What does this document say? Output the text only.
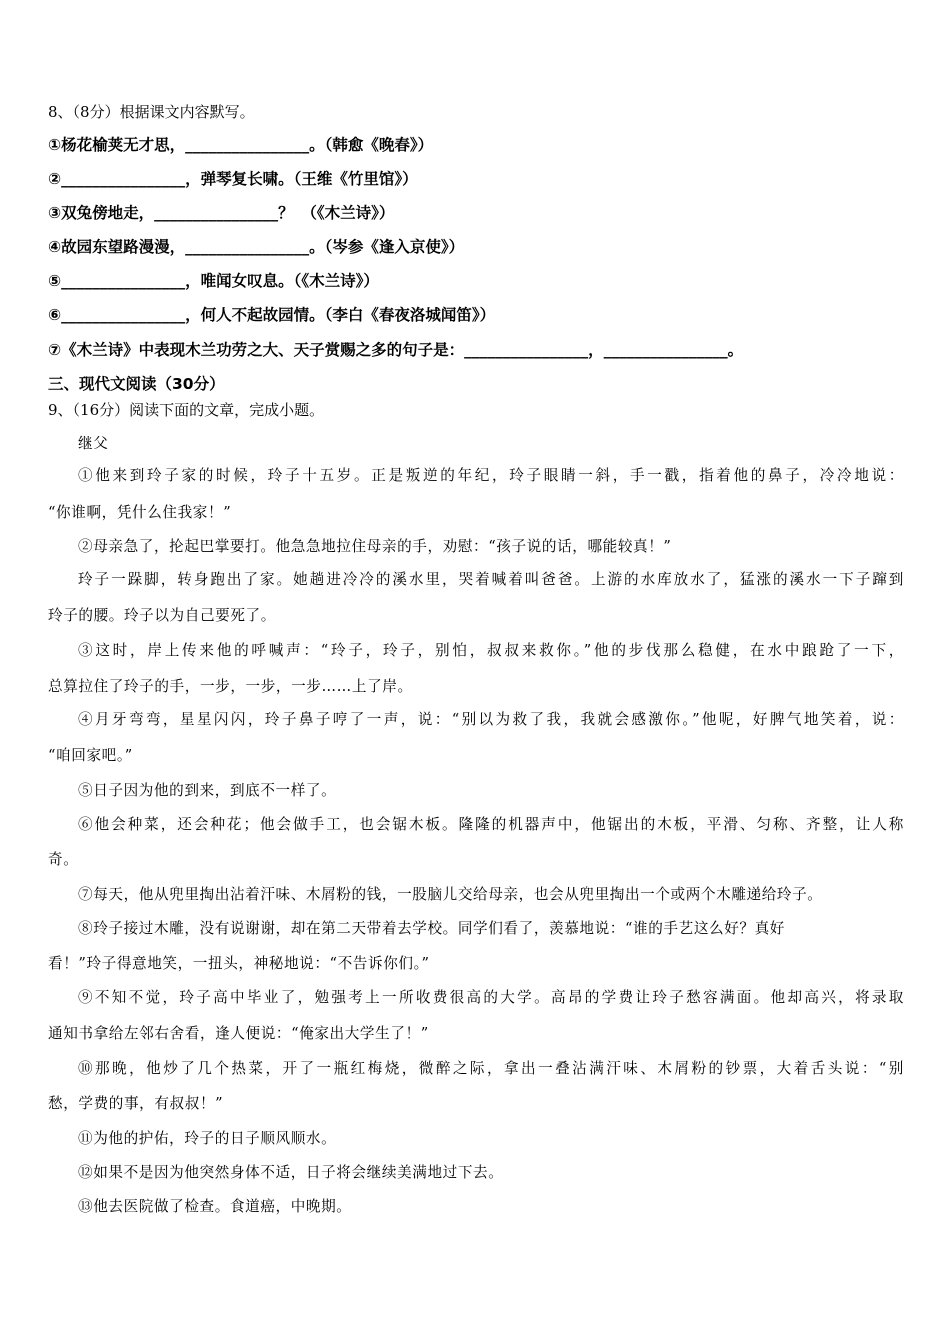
8、（8分）根据课文内容默写。
①杨花榆荚无才思，________________。（韩愈《晚春》）
②________________，弹琴复长啸。（王维《竹里馆》）
③双兔傍地走，________________？　（《木兰诗》）
④故园东望路漫漫，________________。（岑参《逢入京使》）
⑤________________，唯闻女叹息。（《木兰诗》）
⑥________________，何人不起故园情。（李白《春夜洛城闻笛》）
⑦《木兰诗》中表现木兰功劳之大、天子赏赐之多的句子是：________________，________________。
三、现代文阅读（30分）
9、（16分）阅读下面的文章，完成小题。
继父
①他来到玲子家的时候，玲子十五岁。正是叛逆的年纪，玲子眼睛一斜，手一戳，指着他的鼻子，冷冷地说：
“你谁啊，凭什么住我家！”
②母亲急了，抡起巴掌要打。他急急地拉住母亲的手，劝慰：“孩子说的话，哪能较真！”
玲子一跺脚，转身跑出了家。她趟进冷冷的溪水里，哭着喊着叫爸爸。上游的水库放水了，猛涨的溪水一下子蹿到
玲子的腰。玲子以为自己要死了。
③这时，岸上传来他的呼喊声：“玲子，玲子，别怕，叔叔来救你。”他的步伐那么稳健，在水中踉跄了一下，
总算拉住了玲子的手，一步，一步，一步……上了岸。
④月牙弯弯，星星闪闪，玲子鼻子哼了一声，说：“别以为救了我，我就会感激你。”他呢，好脾气地笑着，说：
“咱回家吧。”
⑤日子因为他的到来，到底不一样了。
⑥他会种菜，还会种花；他会做手工，也会锯木板。隆隆的机器声中，他锯出的木板，平滑、匀称、齐整，让人称
奇。
⑦每天，他从兜里掏出沾着汗味、木屑粉的钱，一股脑儿交给母亲，也会从兜里掏出一个或两个木雕递给玲子。
⑧玲子接过木雕，没有说谢谢，却在第二天带着去学校。同学们看了，羡慕地说：“谁的手艺这么好？真好
看！”玲子得意地笑，一扭头，神秘地说：“不告诉你们。”
⑨不知不觉，玲子高中毕业了，勉强考上一所收费很高的大学。高昂的学费让玲子愁容满面。他却高兴，将录取
通知书拿给左邻右舍看，逢人便说：“俺家出大学生了！”
⑩那晚，他炒了几个热菜，开了一瓶红梅烧，微醉之际，拿出一叠沾满汗味、木屑粉的钞票，大着舌头说：“别
愁，学费的事，有叔叔！”
⑪为他的护佑，玲子的日子顺风顺水。
⑫如果不是因为他突然身体不适，日子将会继续美满地过下去。
⑬他去医院做了检查。食道癌，中晚期。
